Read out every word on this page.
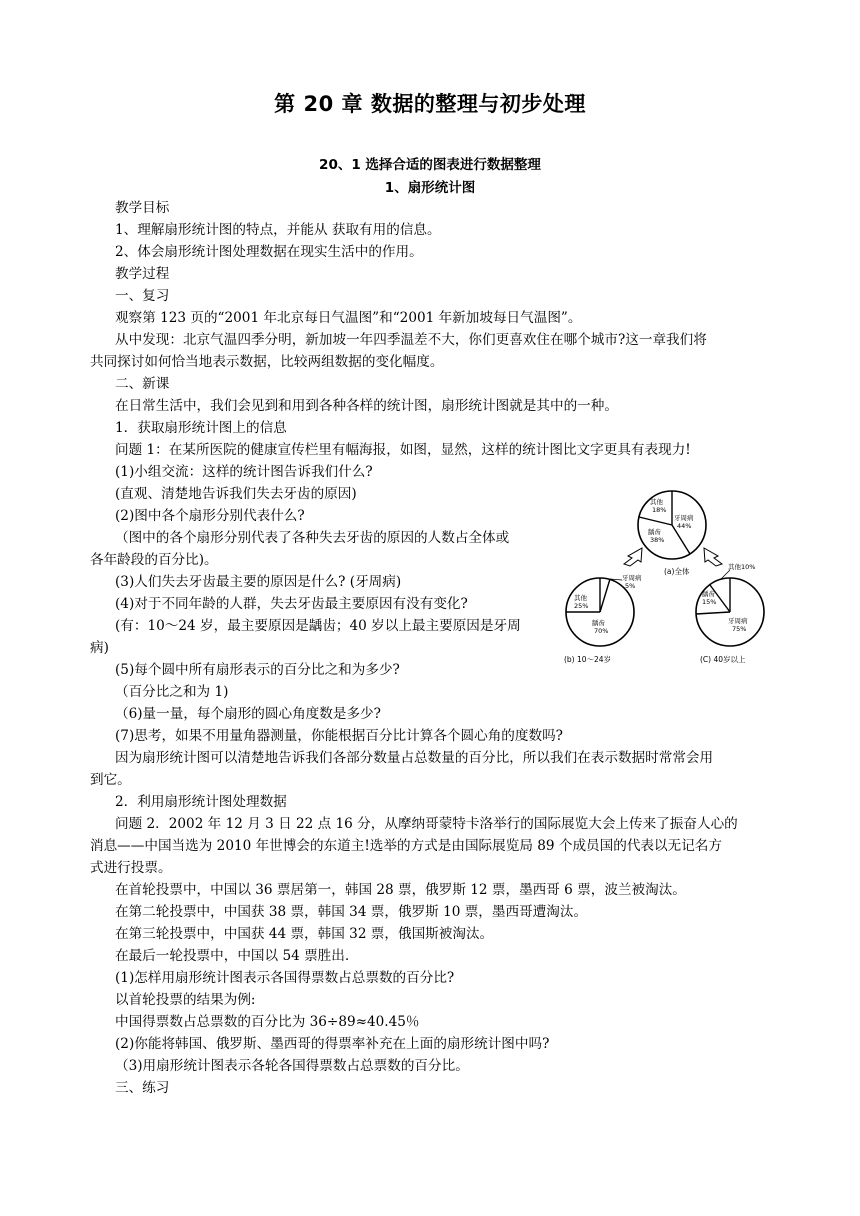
第 20 章 数据的整理与初步处理
20、1 选择合适的图表进行数据整理
1、扇形统计图
教学目标
1、理解扇形统计图的特点，并能从 获取有用的信息。
2、体会扇形统计图处理数据在现实生活中的作用。
教学过程
一、复习
观察第 123 页的“2001 年北京每日气温图”和“2001 年新加坡每日气温图”。
从中发现：北京气温四季分明，新加坡一年四季温差不大，你们更喜欢住在哪个城市?这一章我们将
共同探讨如何恰当地表示数据，比较两组数据的变化幅度。
二、新课
在日常生活中，我们会见到和用到各种各样的统计图，扇形统计图就是其中的一种。
1．获取扇形统计图上的信息
问题 1：在某所医院的健康宣传栏里有幅海报，如图，显然，这样的统计图比文字更具有表现力!
(1)小组交流：这样的统计图告诉我们什么?
(直观、清楚地告诉我们失去牙齿的原因)
(2)图中各个扇形分别代表什么?
（图中的各个扇形分别代表了各种失去牙齿的原因的人数占全体或
各年龄段的百分比)。
(3)人们失去牙齿最主要的原因是什么? (牙周病)
(4)对于不同年龄的人群，失去牙齿最主要原因有没有变化?
(有：10～24 岁，最主要原因是龋齿；40 岁以上最主要原因是牙周
病)
(5)每个圆中所有扇形表示的百分比之和为多少?
（百分比之和为 1)
（6)量一量，每个扇形的圆心角度数是多少?
(7)思考，如果不用量角器测量，你能根据百分比计算各个圆心角的度数吗?
因为扇形统计图可以清楚地告诉我们各部分数量占总数量的百分比，所以我们在表示数据时常常会用
到它。
2．利用扇形统计图处理数据
问题 2．2002 年 12 月 3 日 22 点 16 分，从摩纳哥蒙特卡洛举行的国际展览大会上传来了振奋人心的
消息——中国当选为 2010 年世博会的东道主!选举的方式是由国际展览局 89 个成员国的代表以无记名方
式进行投票。
在首轮投票中，中国以 36 票居第一，韩国 28 票，俄罗斯 12 票，墨西哥 6 票，波兰被淘汰。
在第二轮投票中，中国获 38 票，韩国 34 票，俄罗斯 10 票，墨西哥遭淘汰。
在第三轮投票中，中国获 44 票，韩国 32 票，俄国斯被淘汰。
在最后一轮投票中，中国以 54 票胜出.
(1)怎样用扇形统计图表示各国得票数占总票数的百分比?
以首轮投票的结果为例:
中国得票数占总票数的百分比为 36÷89≈40.45％
(2)你能将韩国、俄罗斯、墨西哥的得票率补充在上面的扇形统计图中吗?
（3)用扇形统计图表示各轮各国得票数占总票数的百分比。
三、练习
其他
18%
牙周病
44%
龋齿
38%
(a)全体
牙周病
5%
其他
25%
龋齿
70%
(b) 10～24岁
其他10%
龋齿
15%
牙周病
75%
(C) 40岁以上
